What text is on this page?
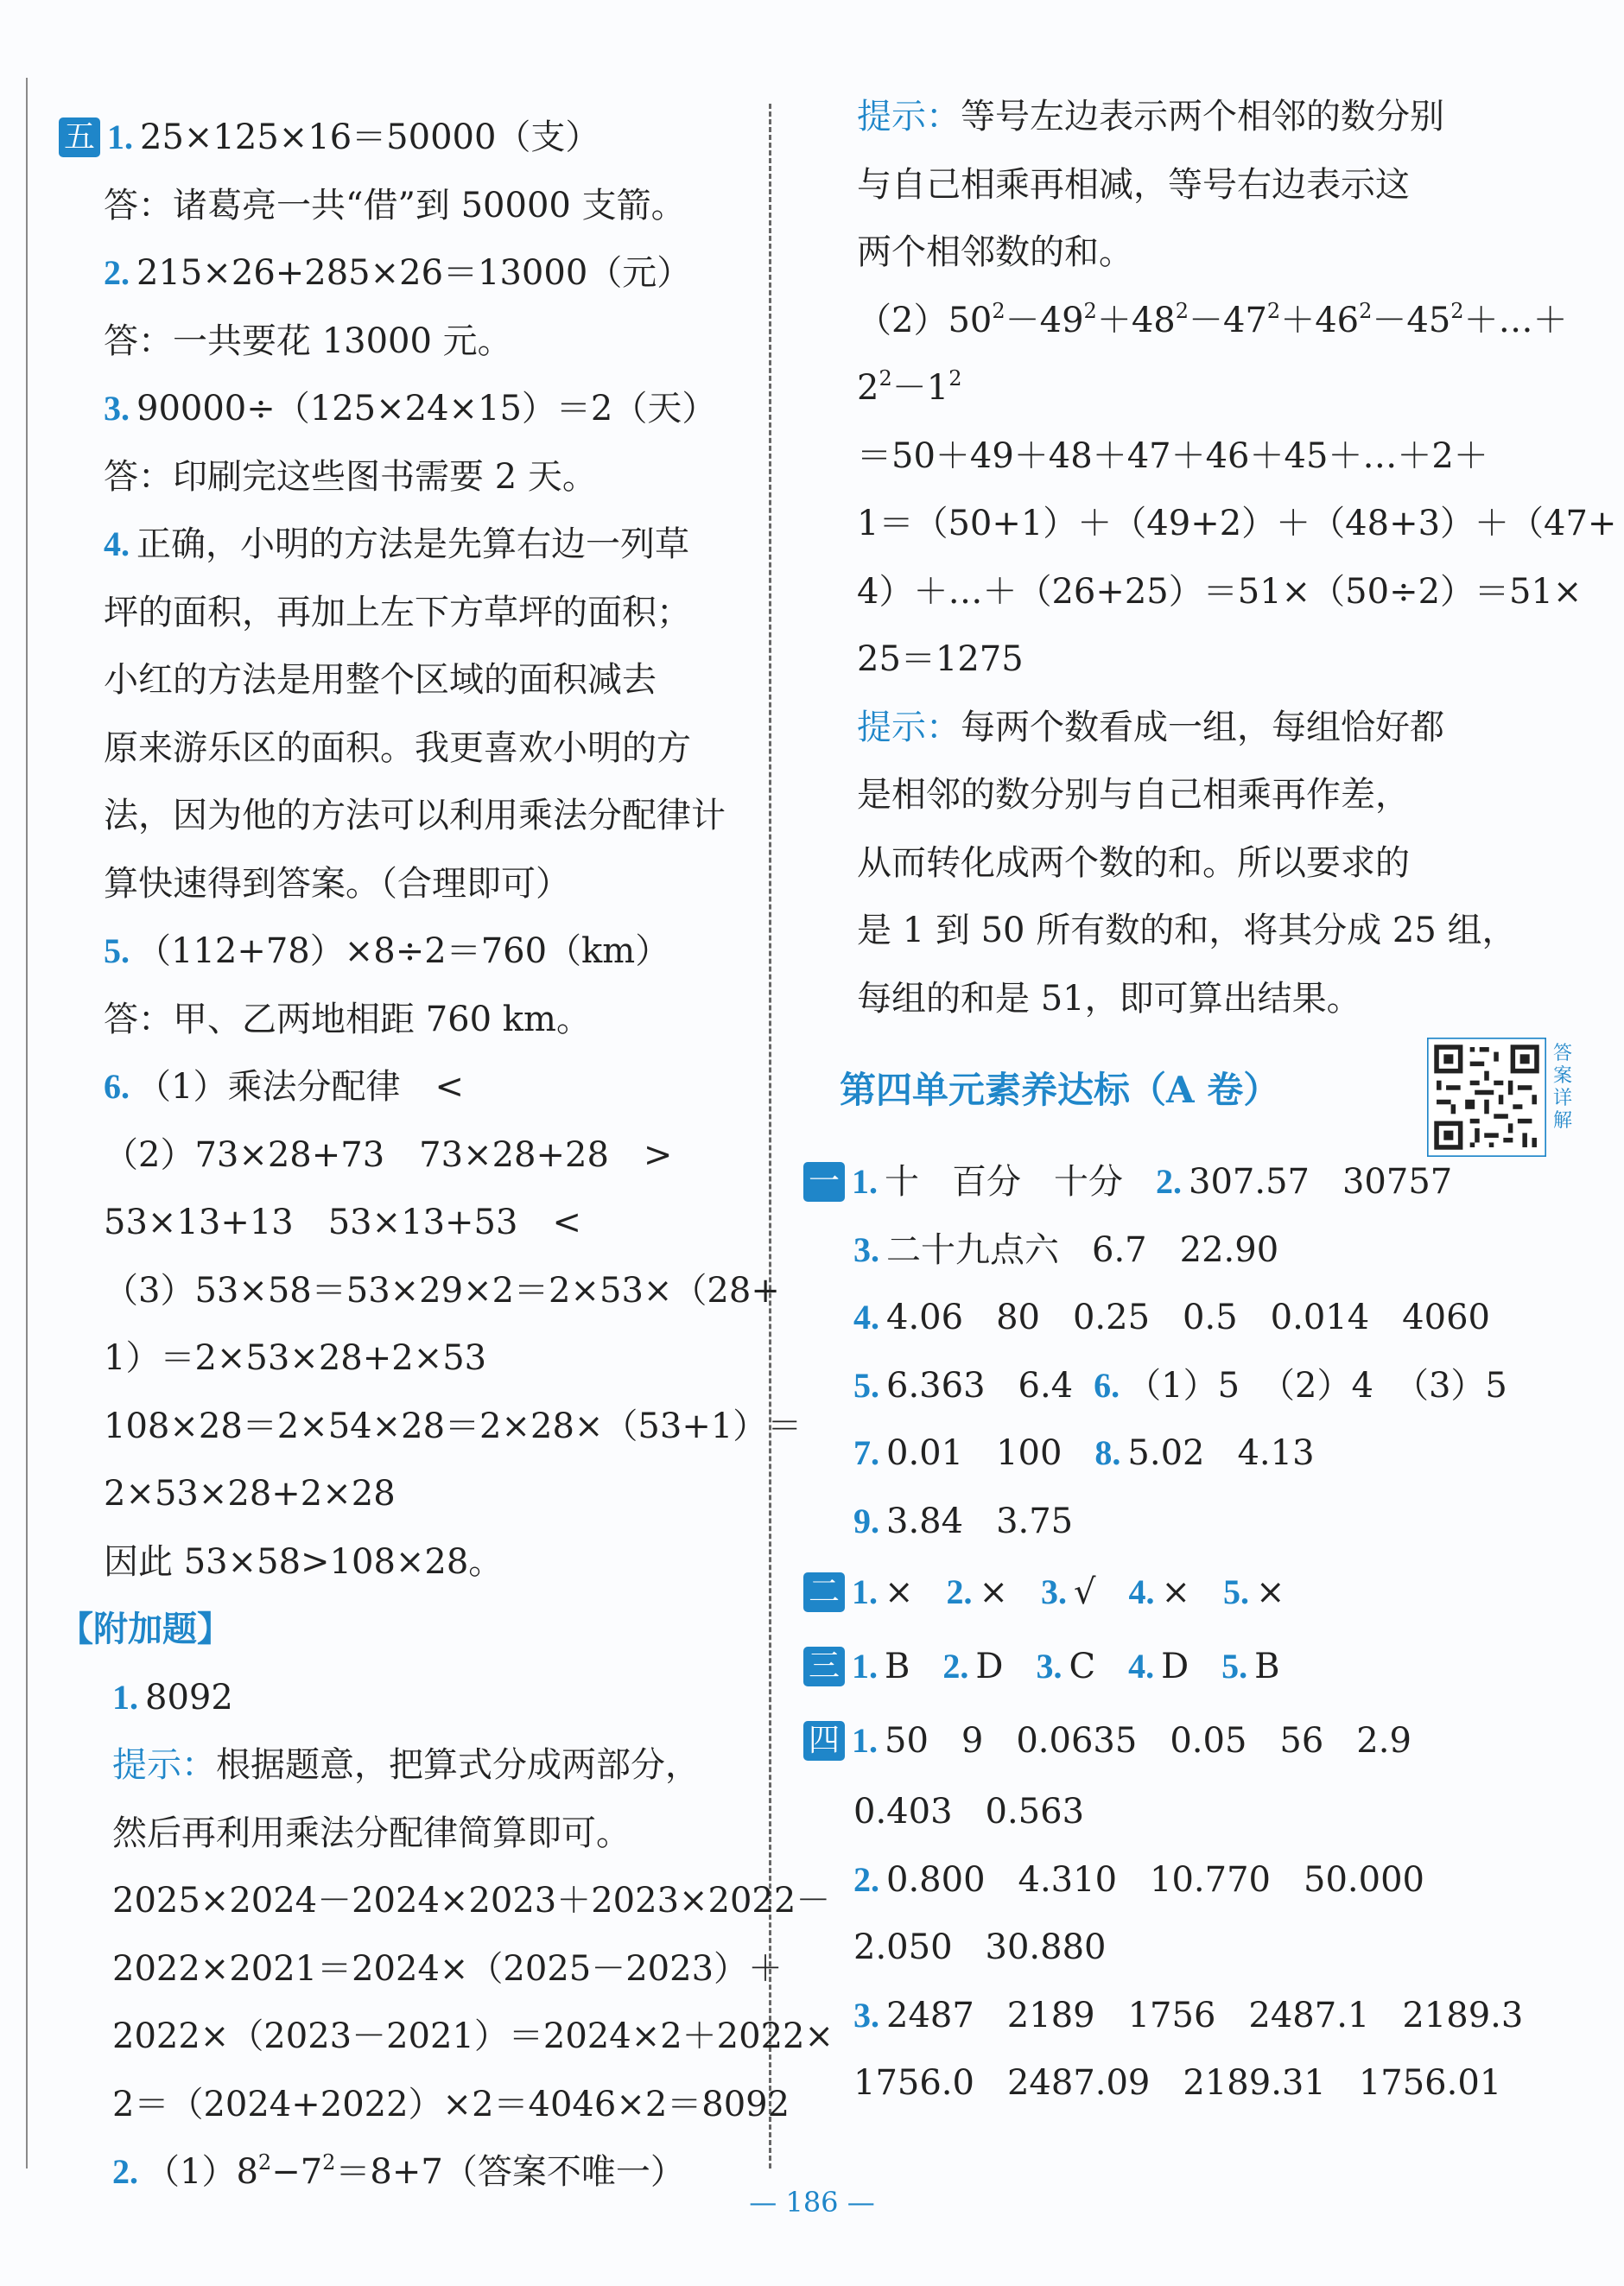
五 1. 25×125×16＝50000（支）
答：诸葛亮一共“借”到 50000 支箭。
2. 215×26+285×26＝13000（元）
答：一共要花 13000 元。
3. 90000÷（125×24×15）＝2（天）
答：印刷完这些图书需要 2 天。
4. 正确，小明的方法是先算右边一列草
坪的面积，再加上左下方草坪的面积；
小红的方法是用整个区域的面积减去
原来游乐区的面积。我更喜欢小明的方
法，因为他的方法可以利用乘法分配律计
算快速得到答案。（合理即可）
5. （112+78）×8÷2＝760（km）
答：甲、乙两地相距 760 km。
6. （1）乘法分配律　<
（2）73×28+73　73×28+28　>
53×13+13　53×13+53　<
（3）53×58＝53×29×2＝2×53×（28+
1）＝2×53×28+2×53
108×28＝2×54×28＝2×28×（53+1）＝
2×53×28+2×28
因此 53×58>108×28。
【附加题】
1. 8092
提示：根据题意，把算式分成两部分，
然后再利用乘法分配律简算即可。
2025×2024－2024×2023＋2023×2022－
2022×2021＝2024×（2025－2023）＋
2022×（2023－2021）＝2024×2＋2022×
2＝（2024+2022）×2＝4046×2＝8092
2. $(1)8^2-7^2=8+7$（答案不唯一）
提示：等号左边表示两个相邻的数分别
与自己相乘再相减，等号右边表示这
两个相邻数的和。
$(2)50^2-49^2+48^2-47^2+46^2-45^2+\dots+$
$2^2-1^2$
＝50＋49＋48＋47＋46＋45＋…＋2＋
1＝（50+1）＋（49+2）＋（48+3）＋（47+
4）＋…＋（26+25）＝51×（50÷2）＝51×
25＝1275
提示：每两个数看成一组，每组恰好都
是相邻的数分别与自己相乘再作差，
从而转化成两个数的和。所以要求的
是 1 到 50 所有数的和，将其分成 25 组，
每组的和是 51，即可算出结果。
第四单元素养达标（A 卷）
答案详解
一 1. 十 百分 十分 2. 307.57 30757
3. 二十九点六 6.7 22.90
4. 4.06 80 0.25 0.5 0.014 4060
5. 6.363 6.4 6. （1）5 （2）4 （3）5
7. 0.01 100 8. 5.02 4.13
9. 3.84 3.75
二 1. × 2. × 3. √ 4. × 5. ×
三 1. B 2. D 3. C 4. D 5. B
四 1. 50 9 0.0635 0.05 56 2.9
0.403 0.563
2. 0.800 4.310 10.770 50.000
2.050 30.880
3. 2487 2189 1756 2487.1 2189.3
1756.0 2487.09 2189.31 1756.01
— 186 —
